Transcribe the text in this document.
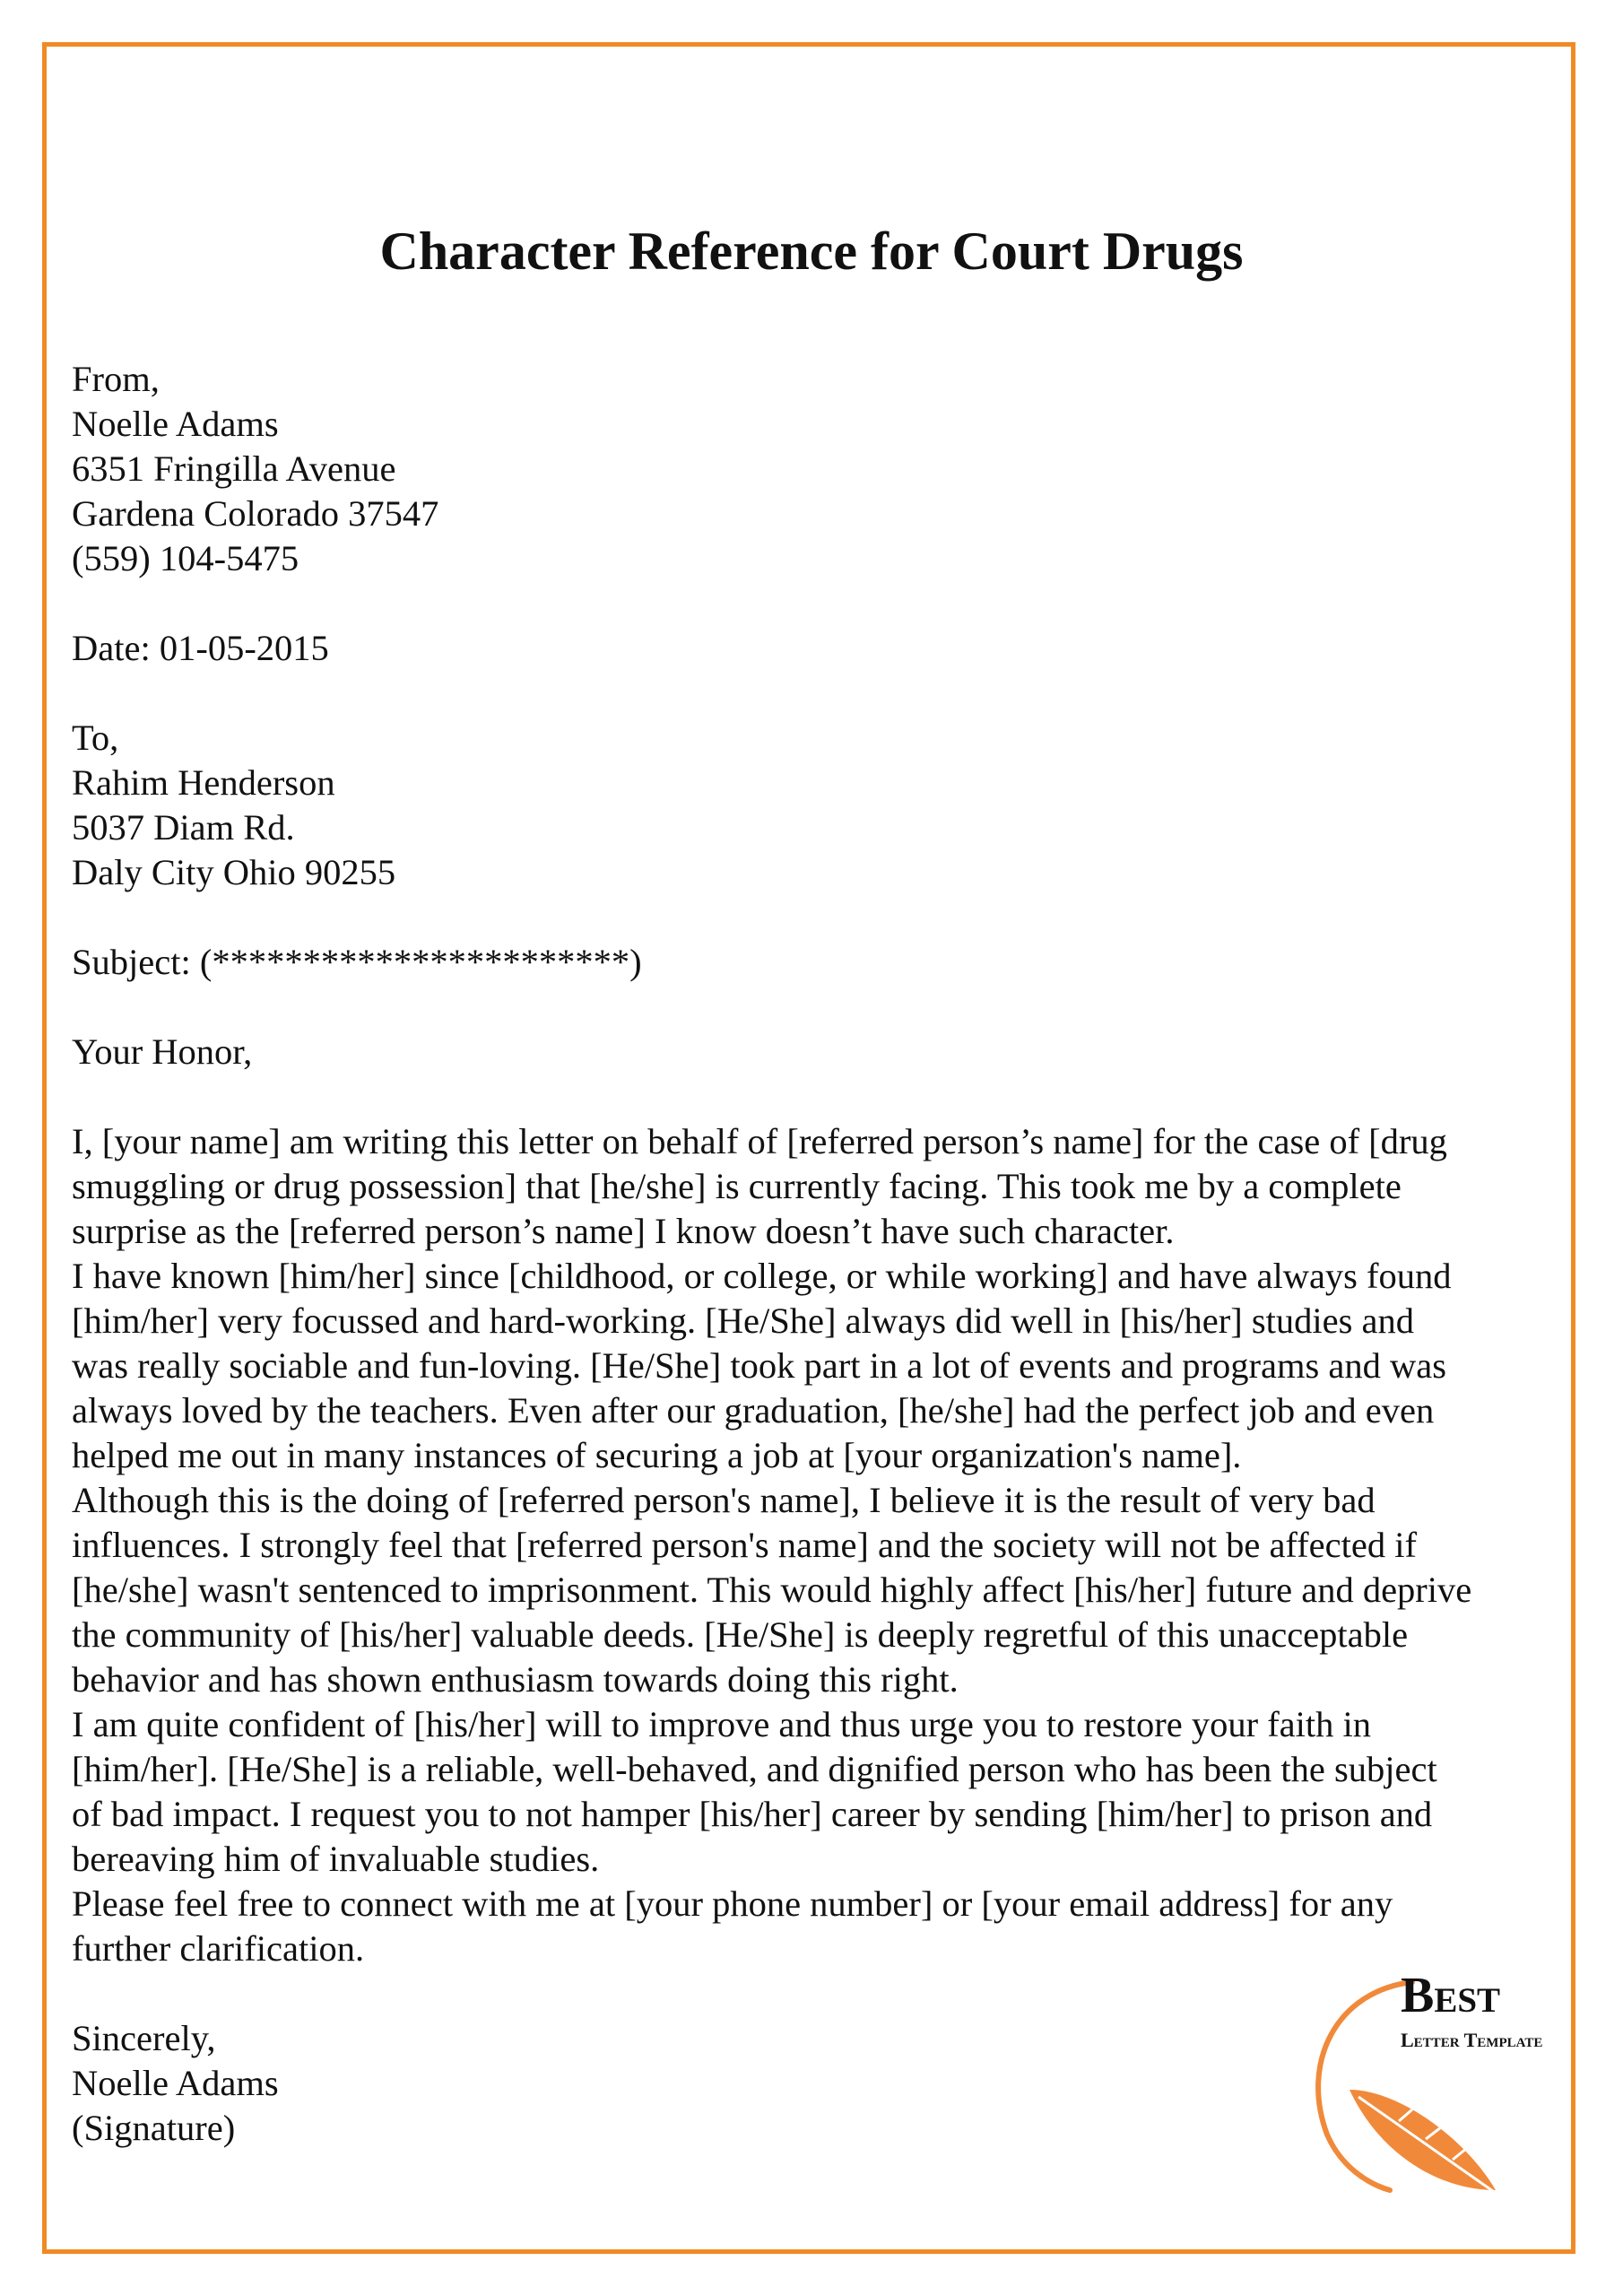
Character Reference for Court Drugs
From,
Noelle Adams
6351 Fringilla Avenue
Gardena Colorado 37547
(559) 104-5475
Date: 01-05-2015
To,
Rahim Henderson
5037 Diam Rd.
Daly City Ohio 90255
Subject: (***********************)
Your Honor,
I, [your name] am writing this letter on behalf of [referred person’s name] for the case of [drug
smuggling or drug possession] that [he/she] is currently facing. This took me by a complete
surprise as the [referred person’s name] I know doesn’t have such character.
I have known [him/her] since [childhood, or college, or while working] and have always found
[him/her] very focussed and hard-working. [He/She] always did well in [his/her] studies and
was really sociable and fun-loving. [He/She] took part in a lot of events and programs and was
always loved by the teachers. Even after our graduation, [he/she] had the perfect job and even
helped me out in many instances of securing a job at [your organization's name].
Although this is the doing of [referred person's name], I believe it is the result of very bad
influences. I strongly feel that [referred person's name] and the society will not be affected if
[he/she] wasn't sentenced to imprisonment. This would highly affect [his/her] future and deprive
the community of [his/her] valuable deeds. [He/She] is deeply regretful of this unacceptable
behavior and has shown enthusiasm towards doing this right.
I am quite confident of [his/her] will to improve and thus urge you to restore your faith in
[him/her]. [He/She] is a reliable, well-behaved, and dignified person who has been the subject
of bad impact. I request you to not hamper [his/her] career by sending [him/her] to prison and
bereaving him of invaluable studies.
Please feel free to connect with me at [your phone number] or [your email address] for any
further clarification.
Sincerely,
Noelle Adams
(Signature)
Best
Letter Template
